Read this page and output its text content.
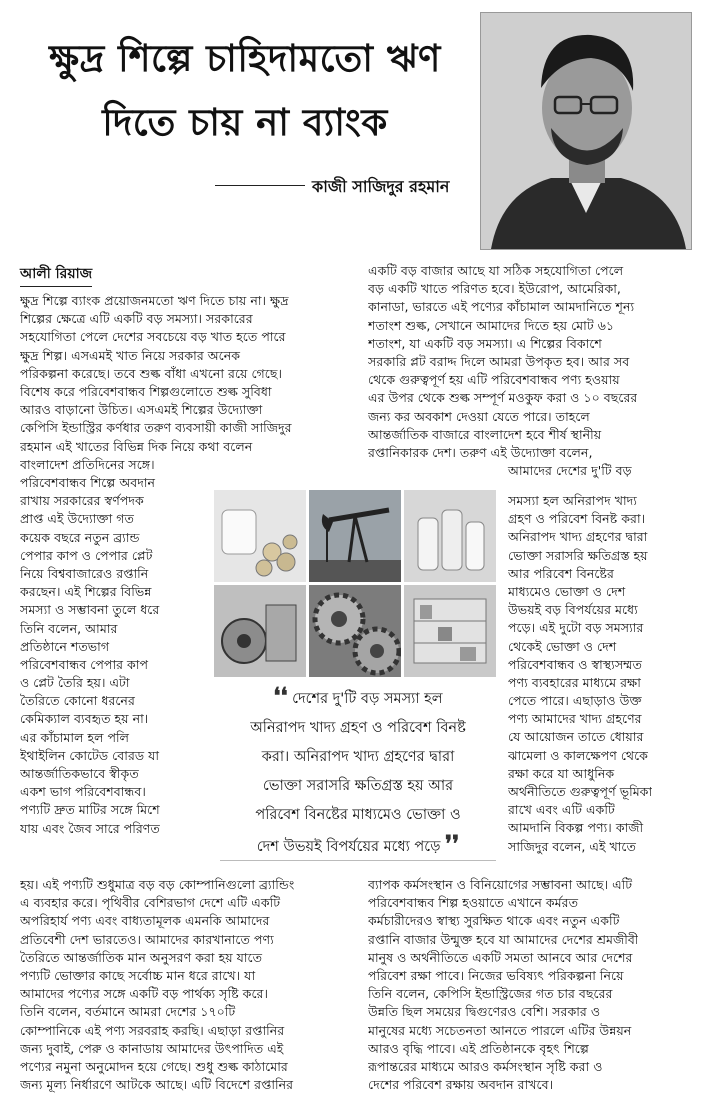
ক্ষুদ্র শিল্পে চাহিদামতো ঋণ
দিতে চায় না ব্যাংক
কাজী সাজিদুর রহমান
আলী রিয়াজ
ক্ষুদ্র শিল্পে ব্যাংক প্রয়োজনমতো ঋণ দিতে চায় না। ক্ষুদ্র
শিল্পের ক্ষেত্রে এটি একটি বড় সমস্যা। সরকারের
সহযোগিতা পেলে দেশের সবচেয়ে বড় খাত হতে পারে
ক্ষুদ্র শিল্প। এসএমই খাত নিয়ে সরকার অনেক
পরিকল্পনা করেছে। তবে শুল্ক বাঁধা এখনো রয়ে গেছে।
বিশেষ করে পরিবেশবান্ধব শিল্পগুলোতে শুল্ক সুবিধা
আরও বাড়ানো উচিত। এসএমই শিল্পের উদ্যোক্তা
কেপিসি ইন্ডাস্ট্রির কর্ণধার তরুণ ব্যবসায়ী কাজী সাজিদুর
রহমান এই খাতের বিভিন্ন দিক নিয়ে কথা বলেন
বাংলাদেশ প্রতিদিনের সঙ্গে।
পরিবেশবান্ধব শিল্পে অবদান
রাখায় সরকারের স্বর্ণপদক
প্রাপ্ত এই উদ্যোক্তা গত
কয়েক বছরে নতুন ব্র্যান্ড
পেপার কাপ ও পেপার প্লেট
নিয়ে বিশ্ববাজারেও রপ্তানি
করছেন। এই শিল্পের বিভিন্ন
সমস্যা ও সম্ভাবনা তুলে ধরে
তিনি বলেন, আমার
প্রতিষ্ঠানে শতভাগ
পরিবেশবান্ধব পেপার কাপ
ও প্লেট তৈরি হয়। এটা
তৈরিতে কোনো ধরনের
কেমিক্যাল ব্যবহৃত হয় না।
এর কাঁচামাল হল পলি
ইথাইলিন কোটেড বোরড যা
আন্তর্জাতিকভাবে স্বীকৃত
একশ ভাগ পরিবেশবান্ধব।
পণ্যটি দ্রুত মাটির সঙ্গে মিশে
যায় এবং জৈব সারে পরিণত
হয়। এই পণ্যটি শুধুমাত্র বড় বড় কোম্পানিগুলো ব্র্যান্ডিং
এ ব্যবহার করে। পৃথিবীর বেশিরভাগ দেশে এটি একটি
অপরিহার্য পণ্য এবং বাধ্যতামূলক এমনকি আমাদের
প্রতিবেশী দেশ ভারতেও। আমাদের কারখানাতে পণ্য
তৈরিতে আন্তর্জাতিক মান অনুসরণ করা হয় যাতে
পণ্যটি ভোক্তার কাছে সর্বোচ্চ মান ধরে রাখে। যা
আমাদের পণ্যের সঙ্গে একটি বড় পার্থক্য সৃষ্টি করে।
তিনি বলেন, বর্তমানে আমরা দেশের ১৭০টি
কোম্পানিকে এই পণ্য সরবরাহ করছি। এছাড়া রপ্তানির
জন্য দুবাই, পেরু ও কানাডায় আমাদের উৎপাদিত এই
পণ্যের নমুনা অনুমোদন হয়ে গেছে। শুধু শুল্ক কাঠামোর
জন্য মূল্য নির্ধারণে আটকে আছে। এটি বিদেশে রপ্তানির
একটি বড় বাজার আছে যা সঠিক সহযোগিতা পেলে
বড় একটি খাতে পরিণত হবে। ইউরোপ, আমেরিকা,
কানাডা, ভারতে এই পণ্যের কাঁচামাল আমদানিতে শূন্য
শতাংশ শুল্ক, সেখানে আমাদের দিতে হয় মোট ৬১
শতাংশ, যা একটি বড় সমস্যা। এ শিল্পের বিকাশে
সরকারি প্লট বরাদ্দ দিলে আমরা উপকৃত হব। আর সব
থেকে গুরুত্বপূর্ণ হয় এটি পরিবেশবান্ধব পণ্য হওয়ায়
এর উপর থেকে শুল্ক সম্পূর্ণ মওকুফ করা ও ১০ বছরের
জন্য কর অবকাশ দেওয়া যেতে পারে। তাহলে
আন্তর্জাতিক বাজারে বাংলাদেশ হবে শীর্ষ স্থানীয়
রপ্তানিকারক দেশ। তরুণ এই উদ্যোক্তা বলেন,
আমাদের দেশের দু'টি বড়
সমস্যা হল অনিরাপদ খাদ্য
গ্রহণ ও পরিবেশ বিনষ্ট করা।
অনিরাপদ খাদ্য গ্রহণের দ্বারা
ভোক্তা সরাসরি ক্ষতিগ্রস্ত হয়
আর পরিবেশ বিনষ্টের
মাধ্যমেও ভোক্তা ও দেশ
উভয়ই বড় বিপর্যয়ের মধ্যে
পড়ে। এই দুটো বড় সমস্যার
থেকেই ভোক্তা ও দেশ
পরিবেশবান্ধব ও স্বাস্থ্যসম্মত
পণ্য ব্যবহারের মাধ্যমে রক্ষা
পেতে পারে। এছাড়াও উক্ত
পণ্য আমাদের খাদ্য গ্রহণের
যে আয়োজন তাতে ধোয়ার
ঝামেলা ও কালক্ষেপণ থেকে
রক্ষা করে যা আধুনিক
অর্থনীতিতে গুরুত্বপূর্ণ ভূমিকা
রাখে এবং এটি একটি
আমদানি বিকল্প পণ্য। কাজী
সাজিদুর বলেন, এই খাতে
ব্যাপক কর্মসংস্থান ও বিনিয়োগের সম্ভাবনা আছে। এটি
পরিবেশবান্ধব শিল্প হওয়াতে এখানে কর্মরত
কর্মচারীদেরও স্বাস্থ্য সুরক্ষিত থাকে এবং নতুন একটি
রপ্তানি বাজার উন্মুক্ত হবে যা আমাদের দেশের শ্রমজীবী
মানুষ ও অর্থনীতিতে একটি সমতা আনবে আর দেশের
পরিবেশ রক্ষা পাবে। নিজের ভবিষ্যৎ পরিকল্পনা নিয়ে
তিনি বলেন, কেপিসি ইন্ডাস্ট্রিজের গত চার বছরের
উন্নতি ছিল সময়ের দ্বিগুণেরও বেশি। সরকার ও
মানুষের মধ্যে সচেতনতা আনতে পারলে এটির উন্নয়ন
আরও বৃদ্ধি পাবে। এই প্রতিষ্ঠানকে বৃহৎ শিল্পে
রূপান্তরের মাধ্যমে আরও কর্মসংস্থান সৃষ্টি করা ও
দেশের পরিবেশ রক্ষায় অবদান রাখবে।
❛❛ দেশের দু'টি বড় সমস্যা হল
অনিরাপদ খাদ্য গ্রহণ ও পরিবেশ বিনষ্ট
করা। অনিরাপদ খাদ্য গ্রহণের দ্বারা
ভোক্তা সরাসরি ক্ষতিগ্রস্ত হয় আর
পরিবেশ বিনষ্টের মাধ্যমেও ভোক্তা ও
দেশ উভয়ই বিপর্যয়ের মধ্যে পড়ে ❜❜
